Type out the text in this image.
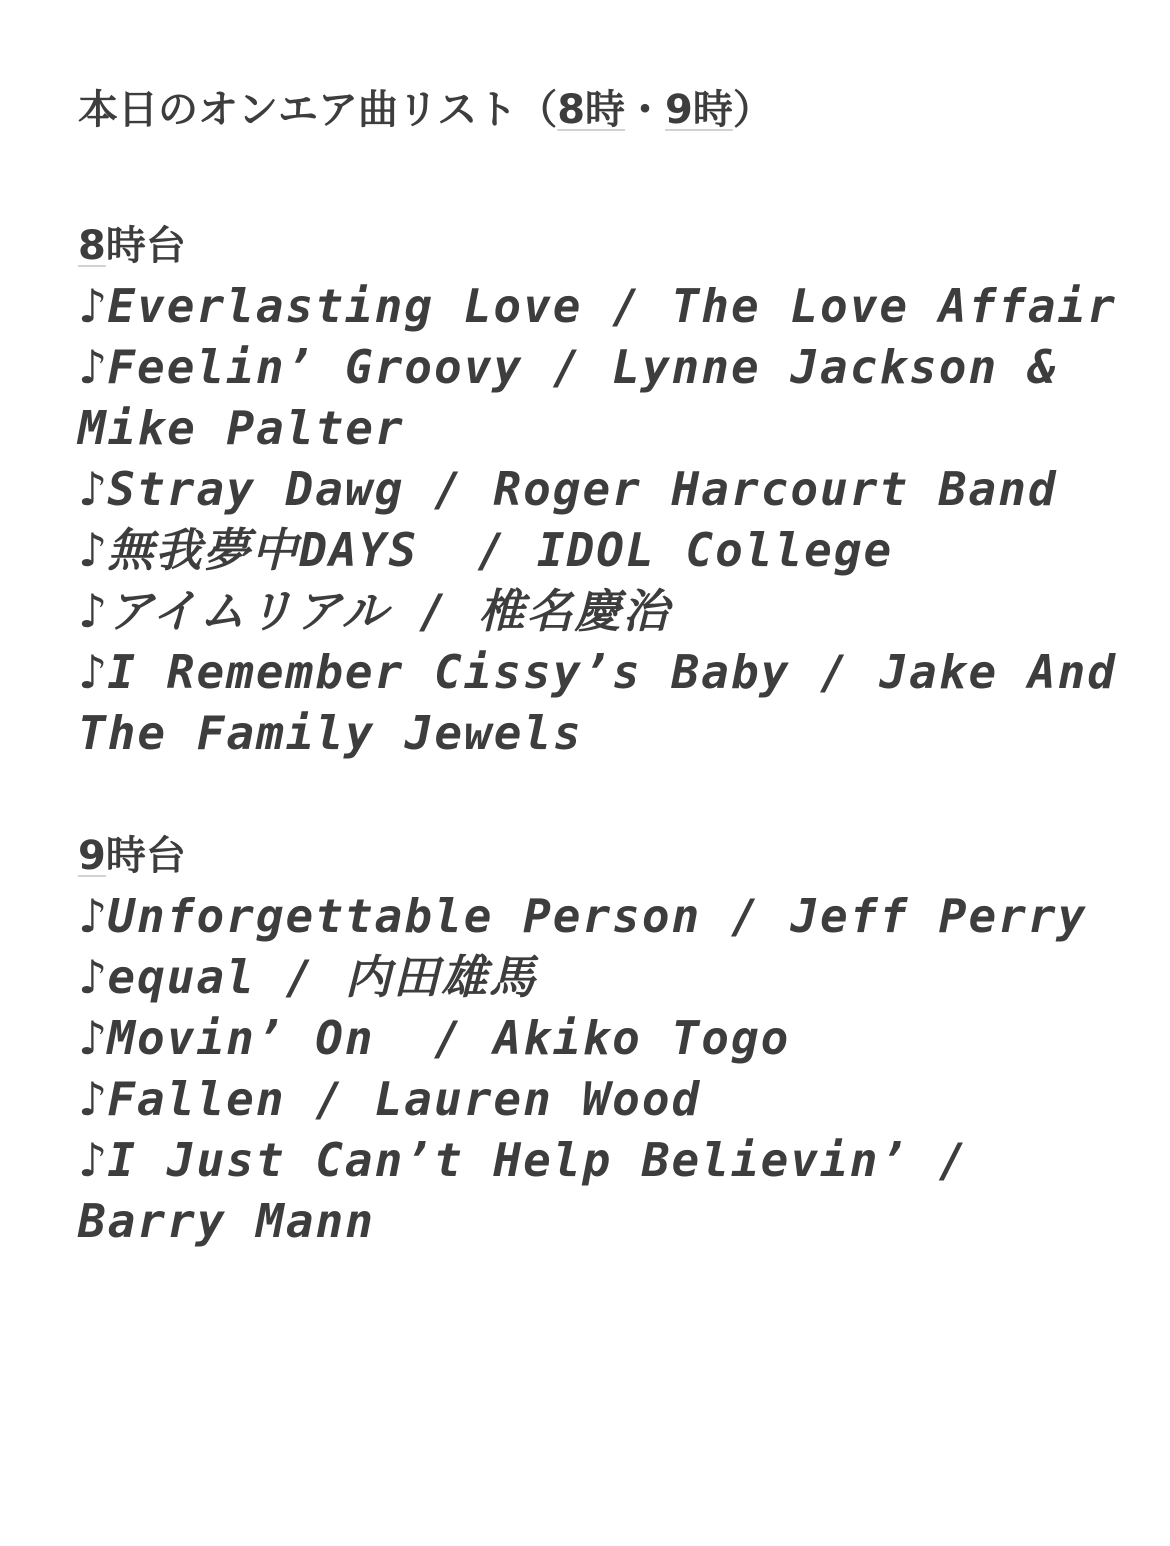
本日のオンエア曲リスト（8時・9時）
8時台
♪Everlasting Love / The Love Affair
♪Feelin’ Groovy / Lynne Jackson & Mike Palter
♪Stray Dawg / Roger Harcourt Band
♪無我夢中DAYS  / IDOL College
♪アイムリアル / 椎名慶治
♪I Remember Cissy’s Baby / Jake And The Family Jewels
9時台
♪Unforgettable Person / Jeff Perry
♪equal / 内田雄馬
♪Movin’ On  / Akiko Togo
♪Fallen / Lauren Wood
♪I Just Can’t Help Believin’ / Barry Mann
